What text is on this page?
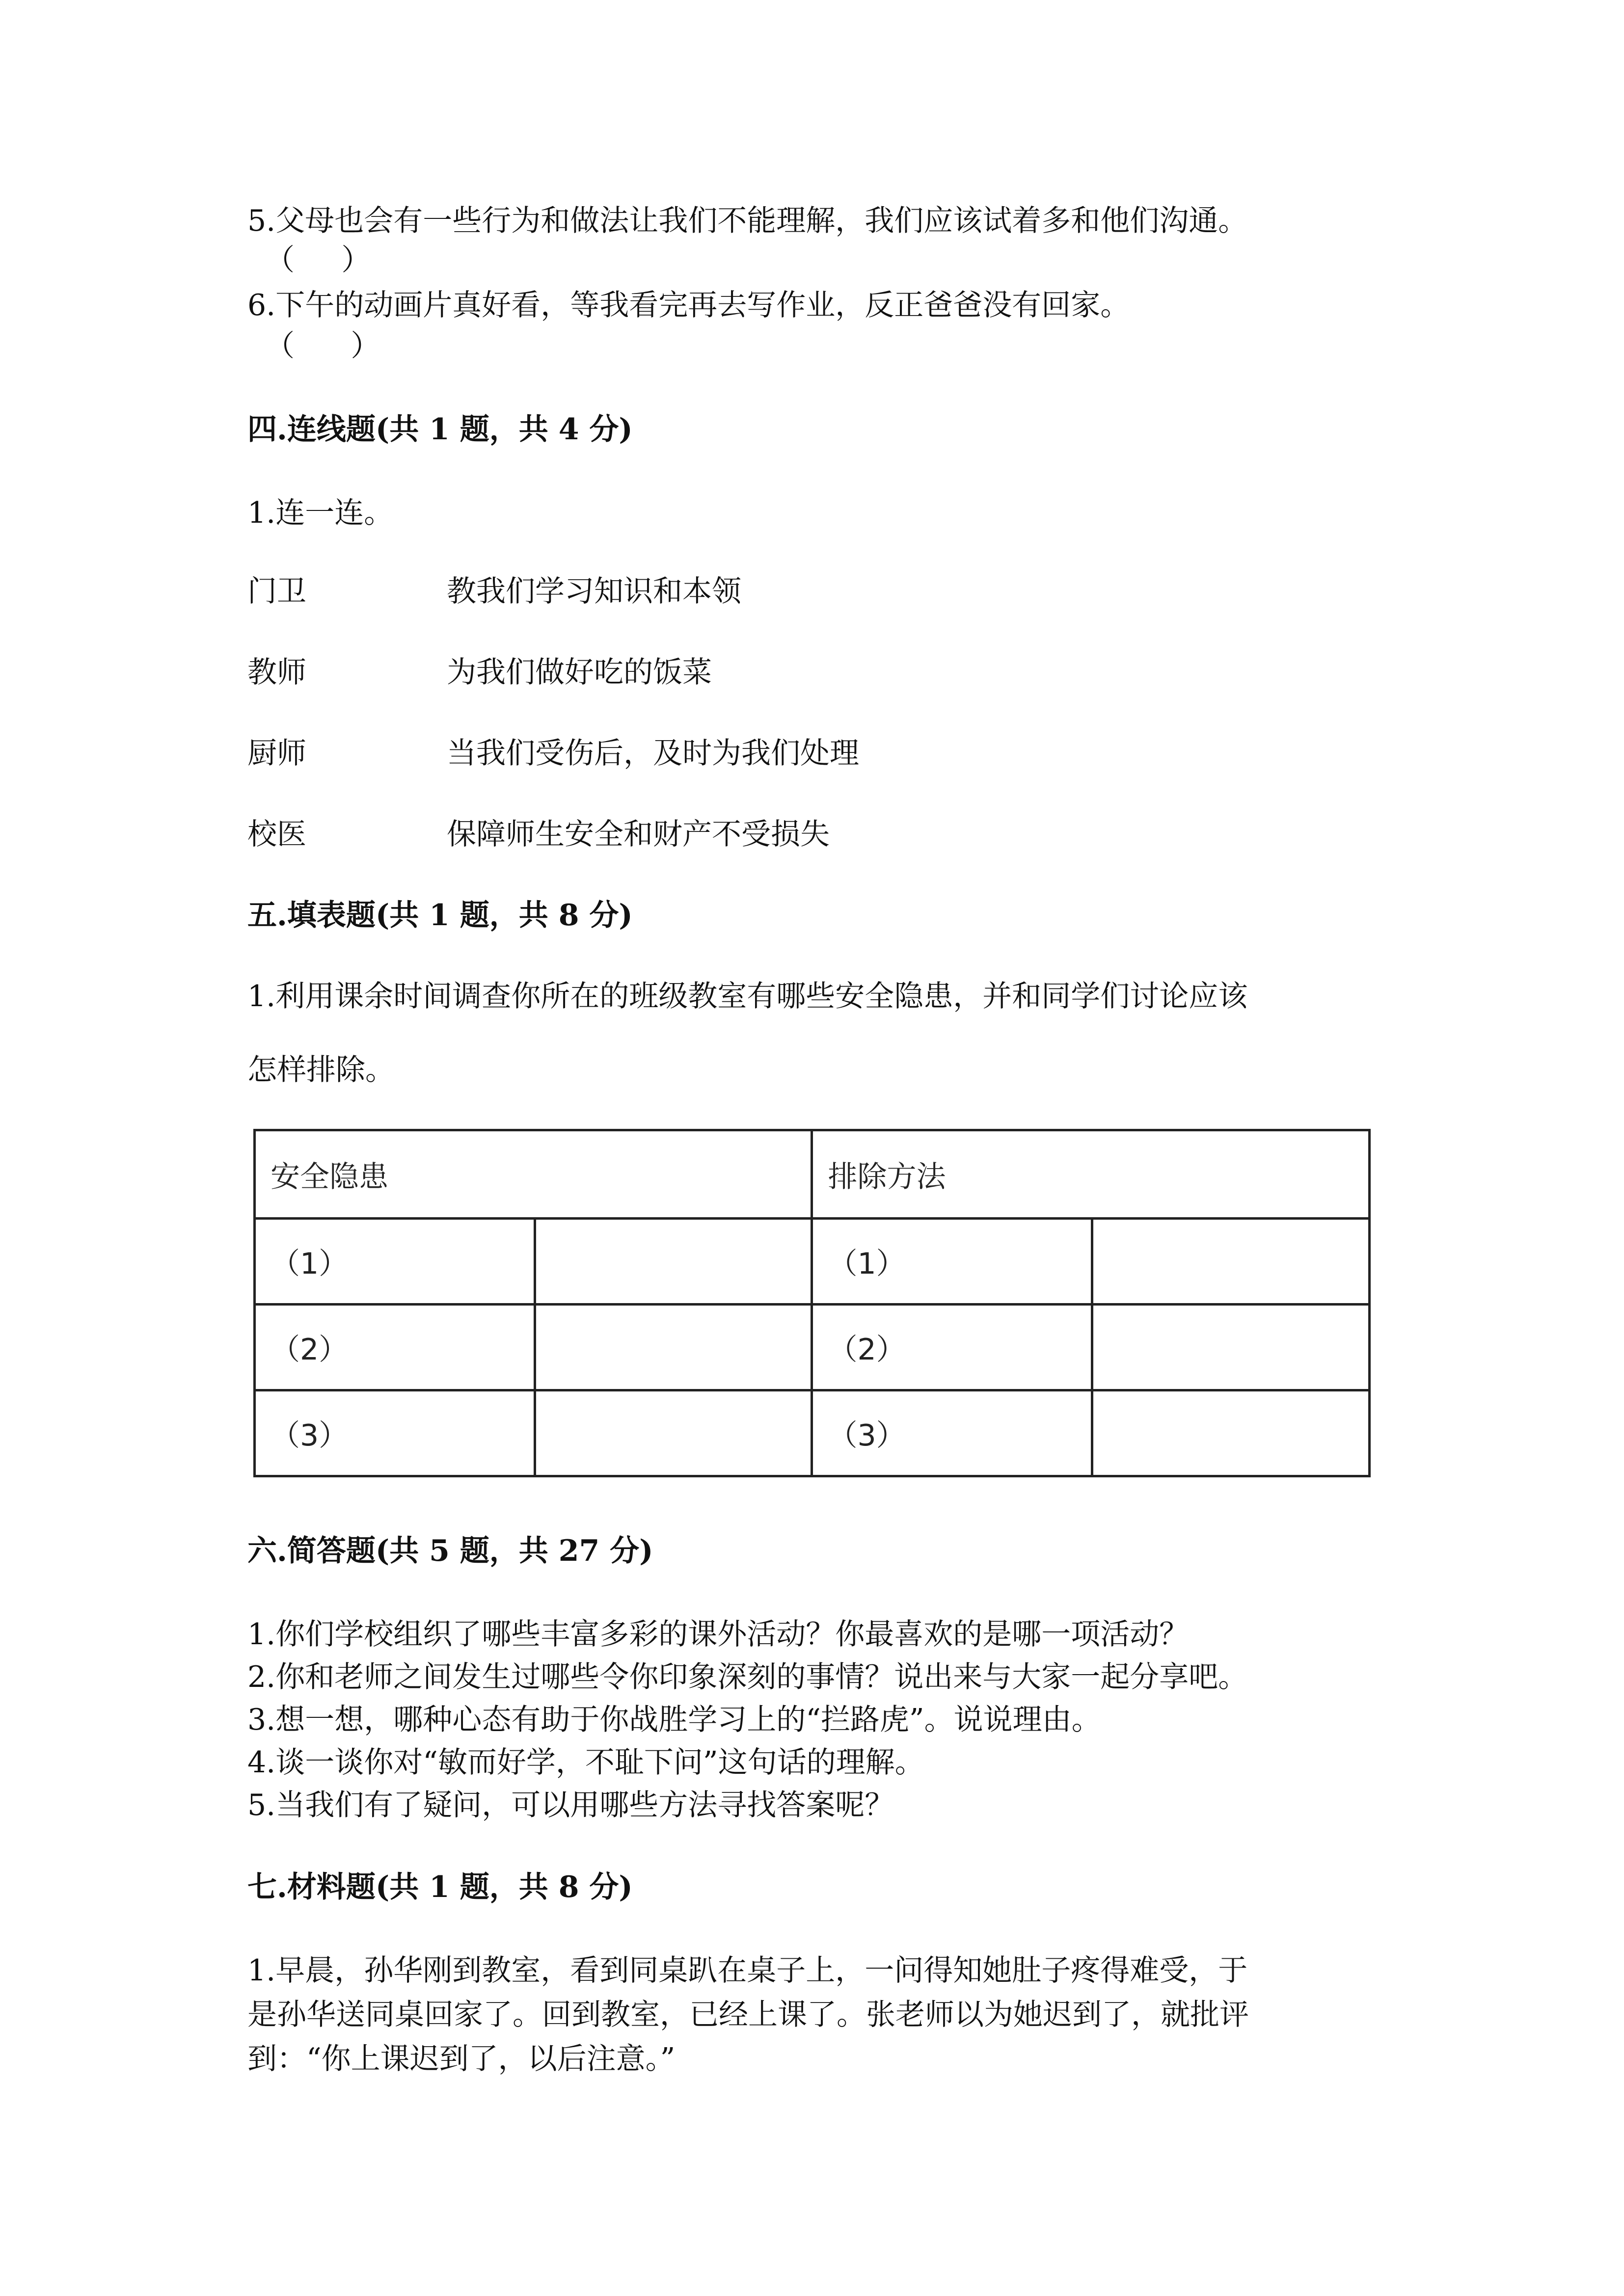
5.父母也会有一些行为和做法让我们不能理解，我们应该试着多和他们沟通。
（     ）
6.下午的动画片真好看，等我看完再去写作业，反正爸爸没有回家。
（      ）
四.连线题(共 1 题，共 4 分)
1.连一连。
门卫	教我们学习知识和本领
教师	为我们做好吃的饭菜
厨师	当我们受伤后，及时为我们处理
校医	保障师生安全和财产不受损失
五.填表题(共 1 题，共 8 分)
1.利用课余时间调查你所在的班级教室有哪些安全隐患，并和同学们讨论应该
怎样排除。
安全隐患		排除方法	
（1）		（1）	
（2）		（2）	
（3）		（3）	
六.简答题(共 5 题，共 27 分)
1.你们学校组织了哪些丰富多彩的课外活动？你最喜欢的是哪一项活动？
2.你和老师之间发生过哪些令你印象深刻的事情？说出来与大家一起分享吧。
3.想一想，哪种心态有助于你战胜学习上的“拦路虎”。说说理由。
4.谈一谈你对“敏而好学，不耻下问”这句话的理解。
5.当我们有了疑问，可以用哪些方法寻找答案呢？
七.材料题(共 1 题，共 8 分)
1.早晨，孙华刚到教室，看到同桌趴在桌子上，一问得知她肚子疼得难受，于
是孙华送同桌回家了。回到教室，已经上课了。张老师以为她迟到了，就批评
到：“你上课迟到了，以后注意。”
